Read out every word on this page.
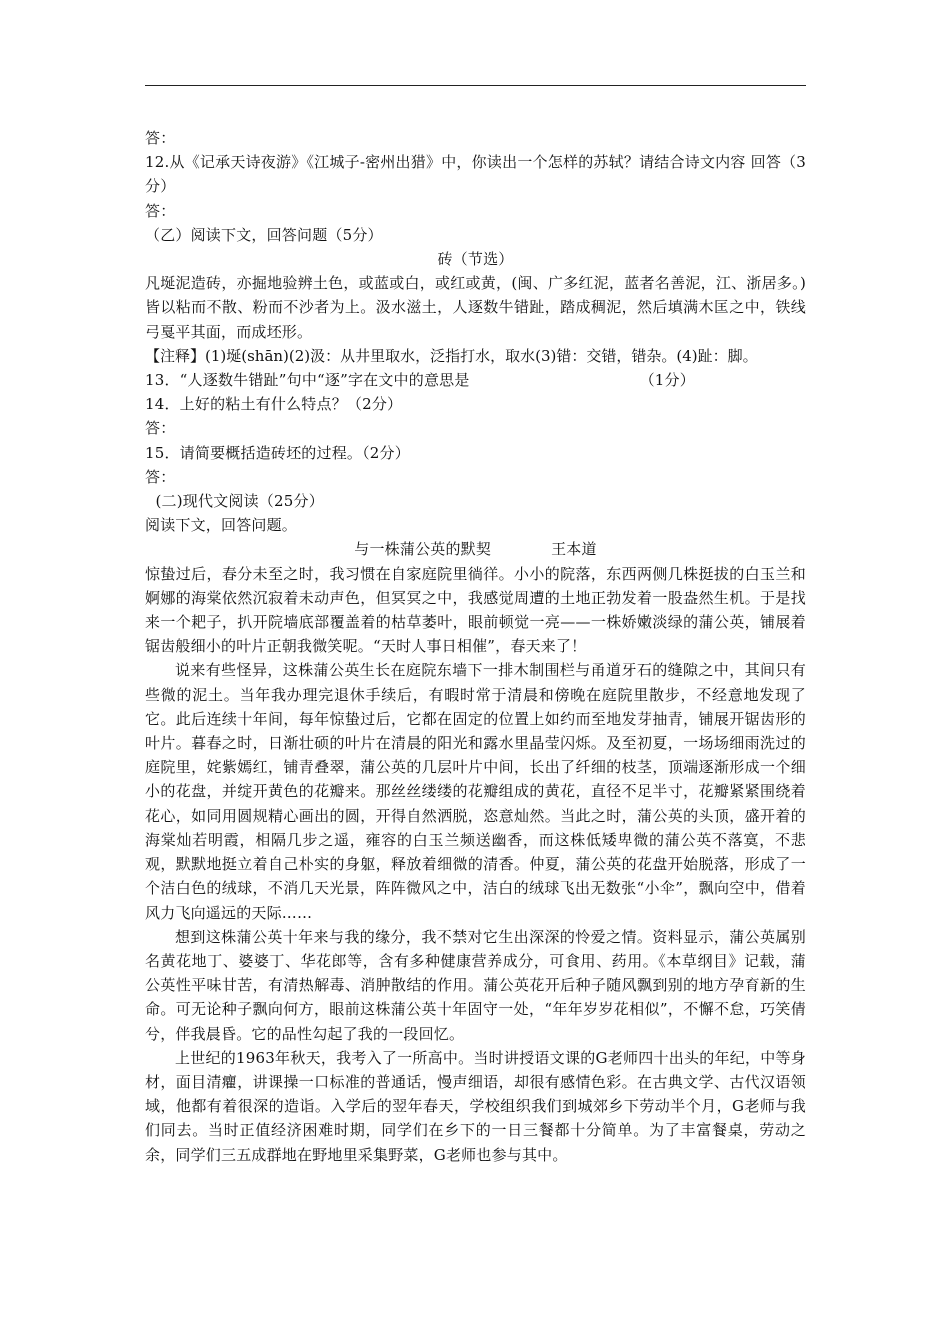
答：
12.从《记承天诗夜游》《江城子-密州出猎》中，你读出一个怎样的苏轼？请结合诗文内容 回答（3分）
答：
（乙）阅读下文，回答问题（5分）
砖（节选）
凡埏泥造砖，亦掘地验辨土色，或蓝或白，或红或黄，(闽、广多红泥，蓝者名善泥，江、浙居多。)皆以粘而不散、粉而不沙者为上。汲水滋土，人逐数牛错趾，踏成稠泥，然后填满木匡之中，铁线弓戛平其面，而成坯形。
【注释】(1)埏(shān)(2)汲：从井里取水，泛指打水，取水(3)错：交错，错杂。(4)趾：脚。
13．“人逐数牛错趾”句中“逐”字在文中的意思是	（1分）
14．上好的粘土有什么特点？（2分）
答：
15．请简要概括造砖坯的过程。（2分）
答：
(二)现代文阅读（25分）
阅读下文，回答问题。
与一株蒲公英的默契	王本道

惊蛰过后，春分未至之时，我习惯在自家庭院里徜徉。小小的院落，东西两侧几株挺拔的白玉兰和婀娜的海棠依然沉寂着未动声色，但冥冥之中，我感觉周遭的土地正勃发着一股盎然生机。于是找来一个耙子，扒开院墙底部覆盖着的枯草萎叶，眼前顿觉一亮——一株娇嫩淡绿的蒲公英，铺展着锯齿般细小的叶片正朝我微笑呢。“天时人事日相催”，春天来了！

说来有些怪异，这株蒲公英生长在庭院东墙下一排木制围栏与甬道牙石的缝隙之中，其间只有些微的泥土。当年我办理完退休手续后，有暇时常于清晨和傍晚在庭院里散步，不经意地发现了它。此后连续十年间，每年惊蛰过后，它都在固定的位置上如约而至地发芽抽青，铺展开锯齿形的叶片。暮春之时，日渐壮硕的叶片在清晨的阳光和露水里晶莹闪烁。及至初夏，一场场细雨洗过的庭院里，姹紫嫣红，铺青叠翠，蒲公英的几层叶片中间，长出了纤细的枝茎，顶端逐渐形成一个细小的花盘，并绽开黄色的花瓣来。那丝丝缕缕的花瓣组成的黄花，直径不足半寸，花瓣紧紧围绕着花心，如同用圆规精心画出的圆，开得自然洒脱，恣意灿然。当此之时，蒲公英的头顶，盛开着的海棠灿若明霞，相隔几步之遥，雍容的白玉兰频送幽香，而这株低矮卑微的蒲公英不落寞，不悲观，默默地挺立着自己朴实的身躯，释放着细微的清香。仲夏，蒲公英的花盘开始脱落，形成了一个洁白色的绒球，不消几天光景，阵阵微风之中，洁白的绒球飞出无数张“小伞”，飘向空中，借着风力飞向遥远的天际……

想到这株蒲公英十年来与我的缘分，我不禁对它生出深深的怜爱之情。资料显示，蒲公英属别名黄花地丁、婆婆丁、华花郎等，含有多种健康营养成分，可食用、药用。《本草纲目》记载，蒲公英性平味甘苦，有清热解毒、消肿散结的作用。蒲公英花开后种子随风飘到别的地方孕育新的生命。可无论种子飘向何方，眼前这株蒲公英十年固守一处，“年年岁岁花相似”，不懈不怠，巧笑倩兮，伴我晨昏。它的品性勾起了我的一段回忆。

上世纪的1963年秋天，我考入了一所高中。当时讲授语文课的G老师四十出头的年纪，中等身材，面目清癯，讲课操一口标准的普通话，慢声细语，却很有感情色彩。在古典文学、古代汉语领域，他都有着很深的造诣。入学后的翌年春天，学校组织我们到城郊乡下劳动半个月，G老师与我们同去。当时正值经济困难时期，同学们在乡下的一日三餐都十分简单。为了丰富餐桌，劳动之余，同学们三五成群地在野地里采集野菜，G老师也参与其中。
